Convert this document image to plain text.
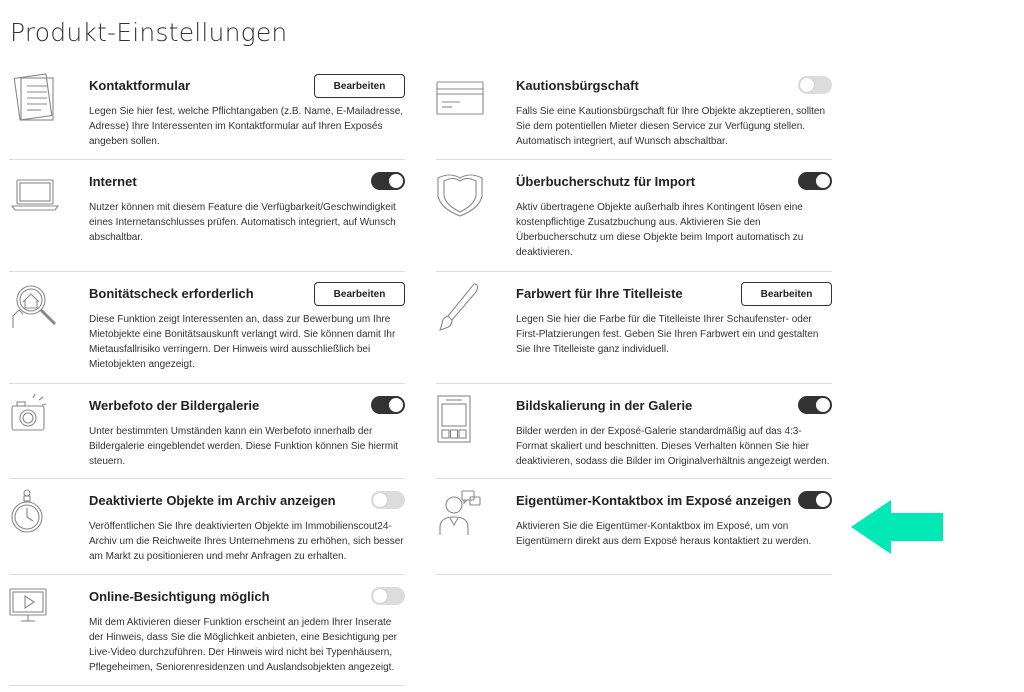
Produkt-Einstellungen
Kontaktformular	Bearbeiten
Legen Sie hier fest, welche Pflichtangaben (z.B. Name, E-Mailadresse, Adresse) Ihre Interessenten im Kontaktformular auf Ihren Exposés angeben sollen.
Internet
Nutzer können mit diesem Feature die Verfügbarkeit/Geschwindigkeit eines Internetanschlusses prüfen. Automatisch integriert, auf Wunsch abschaltbar.
Bonitätscheck erforderlich	Bearbeiten
Diese Funktion zeigt Interessenten an, dass zur Bewerbung um Ihre Mietobjekte eine Bonitätsauskunft verlangt wird. Sie können damit Ihr Mietausfallrisiko verringern. Der Hinweis wird ausschließlich bei Mietobjekten angezeigt.
Werbefoto der Bildergalerie
Unter bestimmten Umständen kann ein Werbefoto innerhalb der Bildergalerie eingeblendet werden. Diese Funktion können Sie hiermit steuern.
Deaktivierte Objekte im Archiv anzeigen
Veröffentlichen Sie Ihre deaktivierten Objekte im Immobilienscout24-Archiv um die Reichweite Ihres Unternehmens zu erhöhen, sich besser am Markt zu positionieren und mehr Anfragen zu erhalten.
Online-Besichtigung möglich
Mit dem Aktivieren dieser Funktion erscheint an jedem Ihrer Inserate der Hinweis, dass Sie die Möglichkeit anbieten, eine Besichtigung per Live-Video durchzuführen. Der Hinweis wird nicht bei Typenhäusern, Pflegeheimen, Seniorenresidenzen und Auslandsobjekten angezeigt.
Kautionsbürgschaft
Falls Sie eine Kautionsbürgschaft für Ihre Objekte akzeptieren, sollten Sie dem potentiellen Mieter diesen Service zur Verfügung stellen. Automatisch integriert, auf Wunsch abschaltbar.
Überbucherschutz für Import
Aktiv übertragene Objekte außerhalb ihres Kontingent lösen eine kostenpflichtige Zusatzbuchung aus. Aktivieren Sie den Überbucherschutz um diese Objekte beim Import automatisch zu deaktivieren.
Farbwert für Ihre Titelleiste	Bearbeiten
Legen Sie hier die Farbe für die Titelleiste Ihrer Schaufenster- oder First-Platzierungen fest. Geben Sie Ihren Farbwert ein und gestalten Sie Ihre Titelleiste ganz individuell.
Bildskalierung in der Galerie
Bilder werden in der Exposé-Galerie standardmäßig auf das 4:3-Format skaliert und beschnitten. Dieses Verhalten können Sie hier deaktivieren, sodass die Bilder im Originalverhältnis angezeigt werden.
Eigentümer-Kontaktbox im Exposé anzeigen
Aktivieren Sie die Eigentümer-Kontaktbox im Exposé, um von Eigentümern direkt aus dem Exposé heraus kontaktiert zu werden.
